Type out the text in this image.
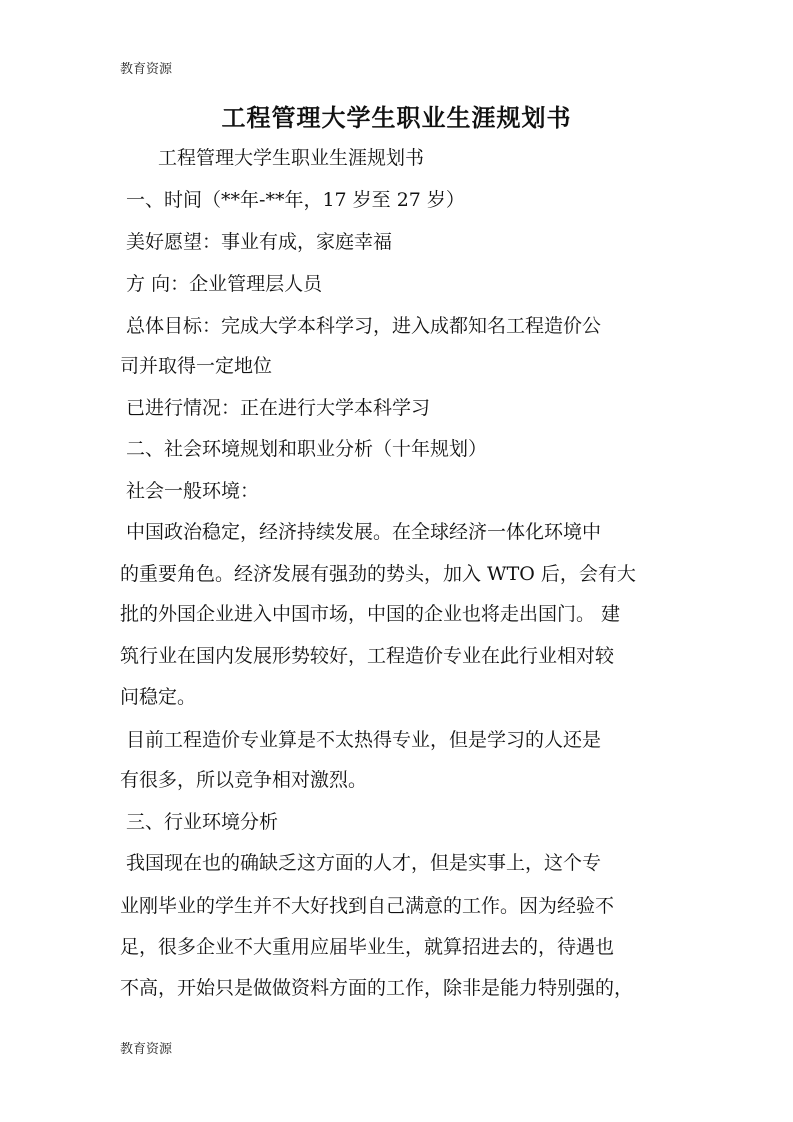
教育资源
工程管理大学生职业生涯规划书
　　工程管理大学生职业生涯规划书
一、时间（**年-**年，17 岁至 27 岁）
美好愿望：事业有成，家庭幸福
方 向：企业管理层人员
总体目标：完成大学本科学习，进入成都知名工程造价公
司并取得一定地位
已进行情况：正在进行大学本科学习
二、社会环境规划和职业分析（十年规划）
社会一般环境：
中国政治稳定，经济持续发展。在全球经济一体化环境中
的重要角色。经济发展有强劲的势头，加入 WTO 后，会有大
批的外国企业进入中国市场，中国的企业也将走出国门。 建
筑行业在国内发展形势较好，工程造价专业在此行业相对较
问稳定。
目前工程造价专业算是不太热得专业，但是学习的人还是
有很多，所以竞争相对激烈。
三、行业环境分析
我国现在也的确缺乏这方面的人才，但是实事上，这个专
业刚毕业的学生并不大好找到自己满意的工作。因为经验不
足，很多企业不大重用应届毕业生，就算招进去的，待遇也
不高，开始只是做做资料方面的工作，除非是能力特别强的，
教育资源
